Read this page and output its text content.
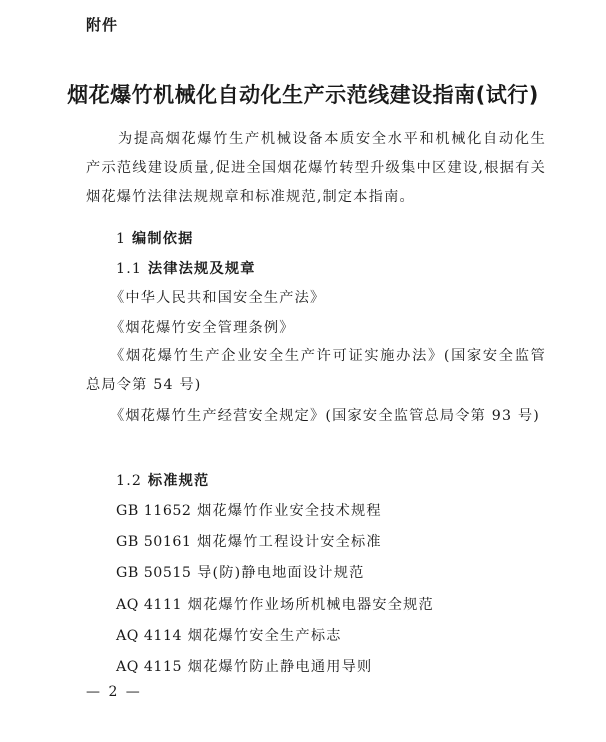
附件
烟花爆竹机械化自动化生产示范线建设指南(试行)
为提高烟花爆竹生产机械设备本质安全水平和机械化自动化生产示范线建设质量,促进全国烟花爆竹转型升级集中区建设,根据有关烟花爆竹法律法规规章和标准规范,制定本指南。
1 编制依据
1.1 法律法规及规章
《中华人民共和国安全生产法》
《烟花爆竹安全管理条例》
《烟花爆竹生产企业安全生产许可证实施办法》(国家安全监管总局令第 54 号)
《烟花爆竹生产经营安全规定》(国家安全监管总局令第 93 号)
1.2 标准规范
GB 11652 烟花爆竹作业安全技术规程
GB 50161 烟花爆竹工程设计安全标准
GB 50515 导(防)静电地面设计规范
AQ 4111 烟花爆竹作业场所机械电器安全规范
AQ 4114 烟花爆竹安全生产标志
AQ 4115 烟花爆竹防止静电通用导则
— 2 —
